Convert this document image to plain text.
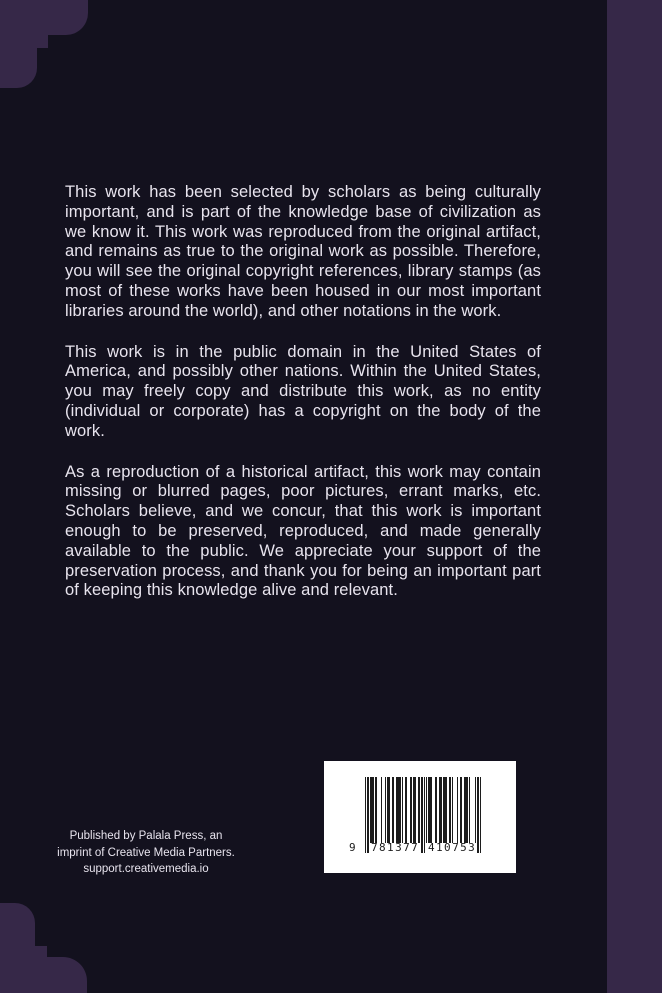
This work has been selected by scholars as being culturally important, and is part of the knowledge base of civilization as we know it. This work was reproduced from the original artifact, and remains as true to the original work as possible. Therefore, you will see the original copyright references, library stamps (as most of these works have been housed in our most important libraries around the world), and other notations in the work.

This work is in the public domain in the United States of America, and possibly other nations. Within the United States, you may freely copy and distribute this work, as no entity (individual or corporate) has a copyright on the body of the work.

As a reproduction of a historical artifact, this work may contain missing or blurred pages, poor pictures, errant marks, etc. Scholars believe, and we concur, that this work is important enough to be preserved, reproduced, and made generally available to the public. We appreciate your support of the preservation process, and thank you for being an important part of keeping this knowledge alive and relevant.

Published by Palala Press, an
imprint of Creative Media Partners.
support.creativemedia.io
9 781377 410753
